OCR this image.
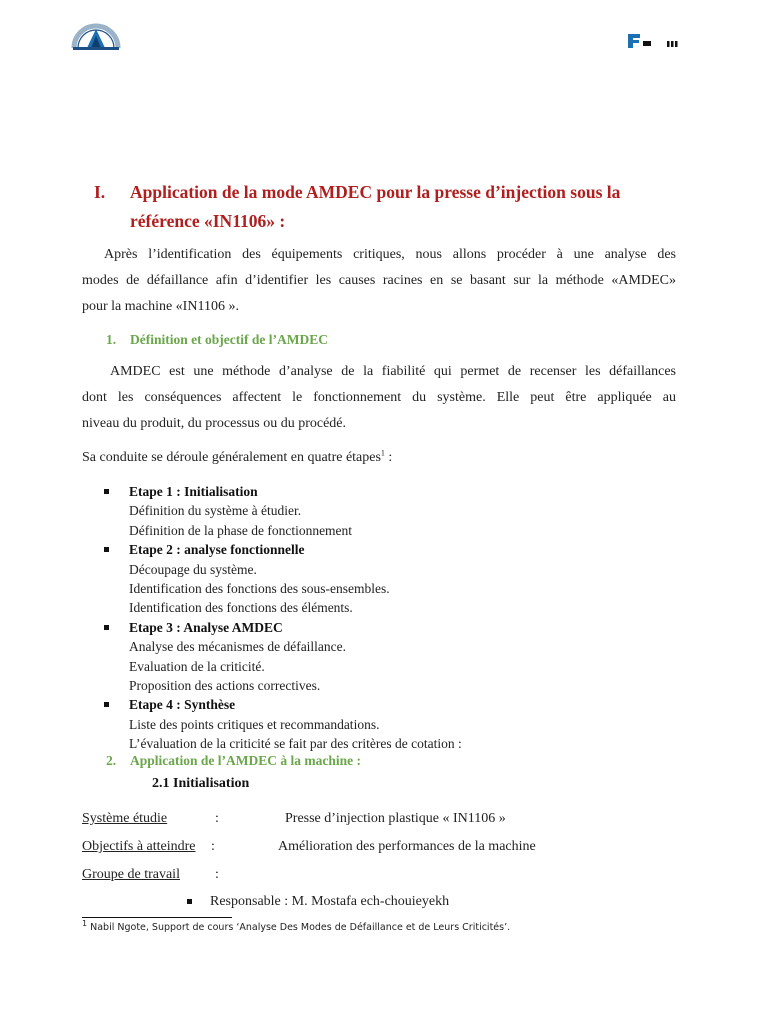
I. Application de la mode AMDEC pour la presse d’injection sous la
référence «IN1106» :
Après l’identification des équipements critiques, nous allons procéder à une analyse des
modes de défaillance afin d’identifier les causes racines en se basant sur la méthode «AMDEC»
pour la machine «IN1106 ».
1. Définition et objectif de l’AMDEC
AMDEC est une méthode d’analyse de la fiabilité qui permet de recenser les défaillances
dont les conséquences affectent le fonctionnement du système. Elle peut être appliquée au
niveau du produit, du processus ou du procédé.
Sa conduite se déroule généralement en quatre étapes$^1$ :
Etape 1 : Initialisation
Définition du système à étudier.
Définition de la phase de fonctionnement
Etape 2 : analyse fonctionnelle
Découpage du système.
Identification des fonctions des sous-ensembles.
Identification des fonctions des éléments.
Etape 3 : Analyse AMDEC
Analyse des mécanismes de défaillance.
Evaluation de la criticité.
Proposition des actions correctives.
Etape 4 : Synthèse
Liste des points critiques et recommandations.
L’évaluation de la criticité se fait par des critères de cotation :
2. Application de l’AMDEC à la machine :
2.1 Initialisation
Système étudie	:	Presse d’injection plastique « IN1106 »
Objectifs à atteindre :	Amélioration des performances de la machine
Groupe de travail	:
Responsable : M. Mostafa ech-chouieyekh
$^1$ Nabil Ngote, Support de cours ‘Analyse Des Modes de Défaillance et de Leurs Criticités’.
